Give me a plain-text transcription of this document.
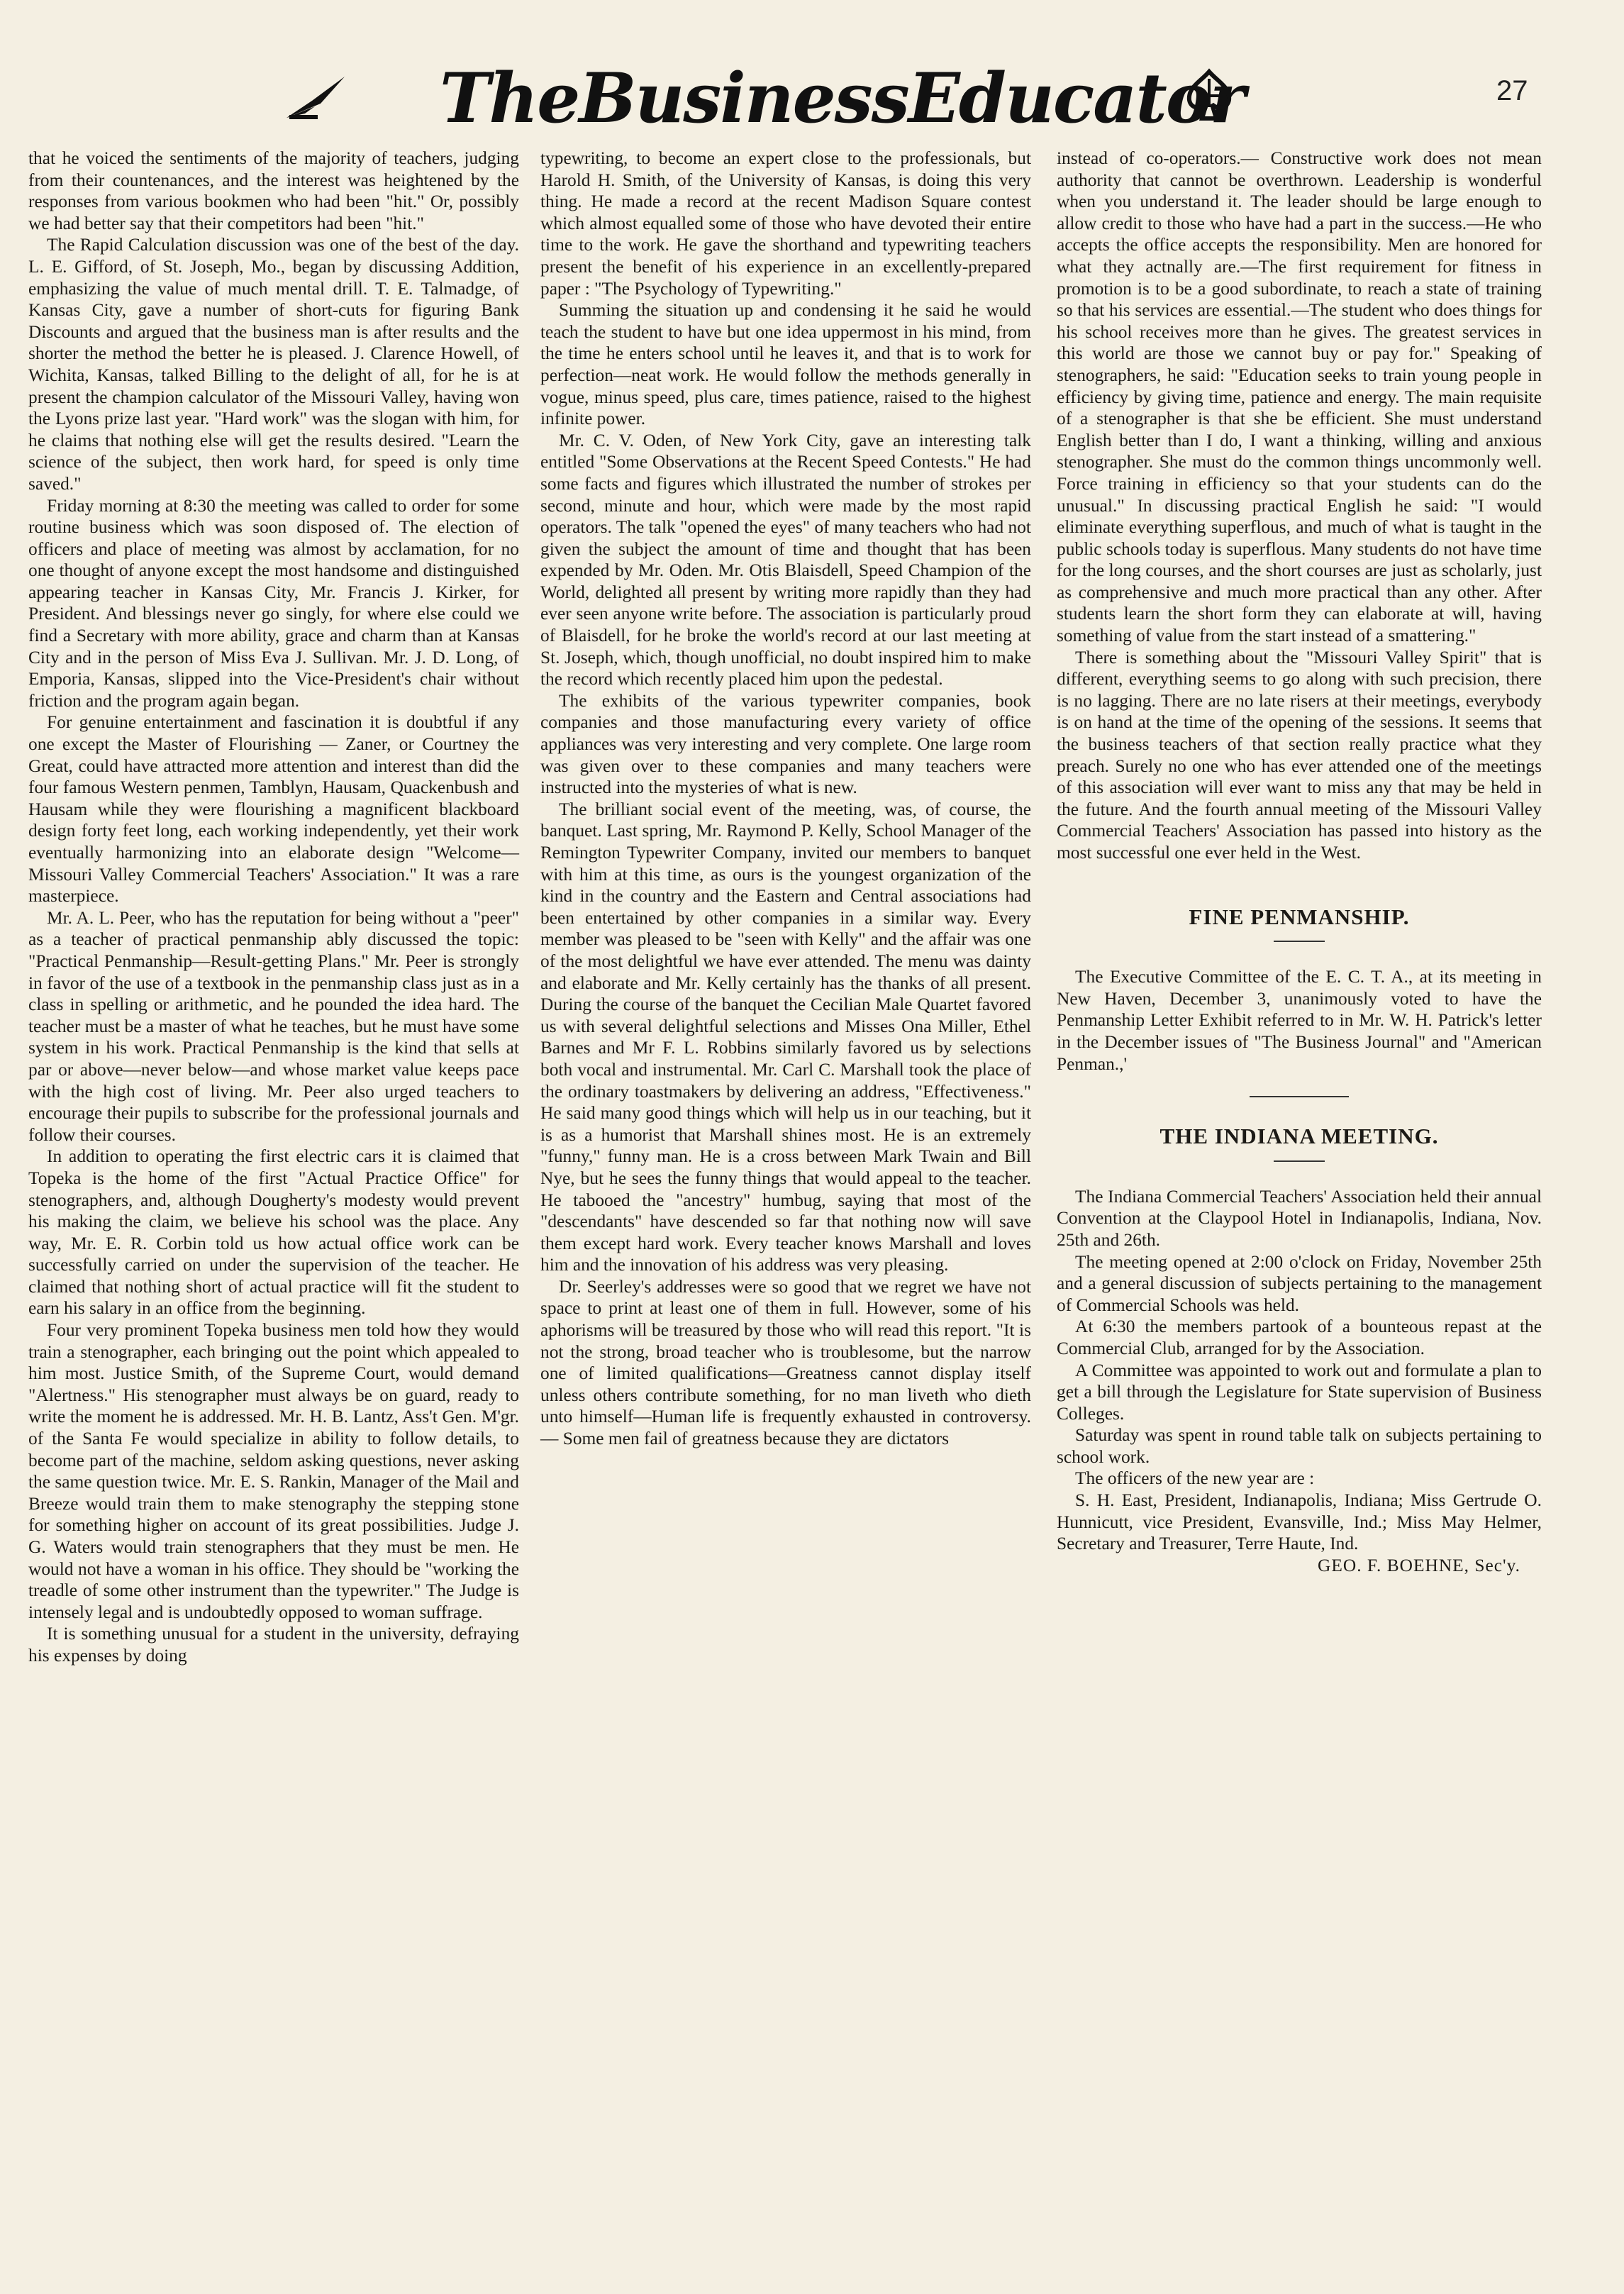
TheBusinessEducator	27

that he voiced the sentiments of the majority of teachers, judging from their countenances, and the interest was heightened by the responses from various bookmen who had been "hit." Or, possibly we had better say that their competitors had been "hit."

The Rapid Calculation discussion was one of the best of the day. L. E. Gifford, of St. Joseph, Mo., began by discussing Addition, emphasizing the value of much mental drill. T. E. Talmadge, of Kansas City, gave a number of short-cuts for figuring Bank Discounts and argued that the business man is after results and the shorter the method the better he is pleased. J. Clarence Howell, of Wichita, Kansas, talked Billing to the delight of all, for he is at present the champion calculator of the Missouri Valley, having won the Lyons prize last year. "Hard work" was the slogan with him, for he claims that nothing else will get the results desired. "Learn the science of the subject, then work hard, for speed is only time saved."

Friday morning at 8:30 the meeting was called to order for some routine business which was soon disposed of. The election of officers and place of meeting was almost by acclamation, for no one thought of anyone except the most handsome and distinguished appearing teacher in Kansas City, Mr. Francis J. Kirker, for President. And blessings never go singly, for where else could we find a Secretary with more ability, grace and charm than at Kansas City and in the person of Miss Eva J. Sullivan. Mr. J. D. Long, of Emporia, Kansas, slipped into the Vice-President's chair without friction and the program again began.

For genuine entertainment and fascination it is doubtful if any one except the Master of Flourishing — Zaner, or Courtney the Great, could have attracted more attention and interest than did the four famous Western penmen, Tamblyn, Hausam, Quackenbush and Hausam while they were flourishing a magnificent blackboard design forty feet long, each working independently, yet their work eventually harmonizing into an elaborate design "Welcome—Missouri Valley Commercial Teachers' Association." It was a rare masterpiece.

Mr. A. L. Peer, who has the reputation for being without a "peer" as a teacher of practical penmanship ably discussed the topic: "Practical Penmanship—Result-getting Plans." Mr. Peer is strongly in favor of the use of a textbook in the penmanship class just as in a class in spelling or arithmetic, and he pounded the idea hard. The teacher must be a master of what he teaches, but he must have some system in his work. Practical Penmanship is the kind that sells at par or above—never below—and whose market value keeps pace with the high cost of living. Mr. Peer also urged teachers to encourage their pupils to subscribe for the professional journals and follow their courses.

In addition to operating the first electric cars it is claimed that Topeka is the home of the first "Actual Practice Office" for stenographers, and, although Dougherty's modesty would prevent his making the claim, we believe his school was the place. Any way, Mr. E. R. Corbin told us how actual office work can be successfully carried on under the supervision of the teacher. He claimed that nothing short of actual practice will fit the student to earn his salary in an office from the beginning.

Four very prominent Topeka business men told how they would train a stenographer, each bringing out the point which appealed to him most. Justice Smith, of the Supreme Court, would demand "Alertness." His stenographer must always be on guard, ready to write the moment he is addressed. Mr. H. B. Lantz, Ass't Gen. M'gr. of the Santa Fe would specialize in ability to follow details, to become part of the machine, seldom asking questions, never asking the same question twice. Mr. E. S. Rankin, Manager of the Mail and Breeze would train them to make stenography the stepping stone for something higher on account of its great possibilities. Judge J. G. Waters would train stenographers that they must be men. He would not have a woman in his office. They should be "working the treadle of some other instrument than the typewriter." The Judge is intensely legal and is undoubtedly opposed to woman suffrage.

It is something unusual for a student in the university, defraying his expenses by doing

typewriting, to become an expert close to the professionals, but Harold H. Smith, of the University of Kansas, is doing this very thing. He made a record at the recent Madison Square contest which almost equalled some of those who have devoted their entire time to the work. He gave the shorthand and typewriting teachers present the benefit of his experience in an excellently-prepared paper : "The Psychology of Typewriting."

Summing the situation up and condensing it he said he would teach the student to have but one idea uppermost in his mind, from the time he enters school until he leaves it, and that is to work for perfection—neat work. He would follow the methods generally in vogue, minus speed, plus care, times patience, raised to the highest infinite power.

Mr. C. V. Oden, of New York City, gave an interesting talk entitled "Some Observations at the Recent Speed Contests." He had some facts and figures which illustrated the number of strokes per second, minute and hour, which were made by the most rapid operators. The talk "opened the eyes" of many teachers who had not given the subject the amount of time and thought that has been expended by Mr. Oden. Mr. Otis Blaisdell, Speed Champion of the World, delighted all present by writing more rapidly than they had ever seen anyone write before. The association is particularly proud of Blaisdell, for he broke the world's record at our last meeting at St. Joseph, which, though unofficial, no doubt inspired him to make the record which recently placed him upon the pedestal.

The exhibits of the various typewriter companies, book companies and those manufacturing every variety of office appliances was very interesting and very complete. One large room was given over to these companies and many teachers were instructed into the mysteries of what is new.

The brilliant social event of the meeting, was, of course, the banquet. Last spring, Mr. Raymond P. Kelly, School Manager of the Remington Typewriter Company, invited our members to banquet with him at this time, as ours is the youngest organization of the kind in the country and the Eastern and Central associations had been entertained by other companies in a similar way. Every member was pleased to be "seen with Kelly" and the affair was one of the most delightful we have ever attended. The menu was dainty and elaborate and Mr. Kelly certainly has the thanks of all present. During the course of the banquet the Cecilian Male Quartet favored us with several delightful selections and Misses Ona Miller, Ethel Barnes and Mr F. L. Robbins similarly favored us by selections both vocal and instrumental. Mr. Carl C. Marshall took the place of the ordinary toastmakers by delivering an address, "Effectiveness." He said many good things which will help us in our teaching, but it is as a humorist that Marshall shines most. He is an extremely "funny," funny man. He is a cross between Mark Twain and Bill Nye, but he sees the funny things that would appeal to the teacher. He tabooed the "ancestry" humbug, saying that most of the "descendants" have descended so far that nothing now will save them except hard work. Every teacher knows Marshall and loves him and the innovation of his address was very pleasing.

Dr. Seerley's addresses were so good that we regret we have not space to print at least one of them in full. However, some of his aphorisms will be treasured by those who will read this report. "It is not the strong, broad teacher who is troublesome, but the narrow one of limited qualifications—Greatness cannot display itself unless others contribute something, for no man liveth who dieth unto himself—Human life is frequently exhausted in controversy.— Some men fail of greatness because they are dictators

instead of co-operators.— Constructive work does not mean authority that cannot be overthrown. Leadership is wonderful when you understand it. The leader should be large enough to allow credit to those who have had a part in the success.—He who accepts the office accepts the responsibility. Men are honored for what they actnally are.—The first requirement for fitness in promotion is to be a good subordinate, to reach a state of training so that his services are essential.—The student who does things for his school receives more than he gives. The greatest services in this world are those we cannot buy or pay for." Speaking of stenographers, he said: "Education seeks to train young people in efficiency by giving time, patience and energy. The main requisite of a stenographer is that she be efficient. She must understand English better than I do, I want a thinking, willing and anxious stenographer. She must do the common things uncommonly well. Force training in efficiency so that your students can do the unusual." In discussing practical English he said: "I would eliminate everything superflous, and much of what is taught in the public schools today is superflous. Many students do not have time for the long courses, and the short courses are just as scholarly, just as comprehensive and much more practical than any other. After students learn the short form they can elaborate at will, having something of value from the start instead of a smattering."

There is something about the "Missouri Valley Spirit" that is different, everything seems to go along with such precision, there is no lagging. There are no late risers at their meetings, everybody is on hand at the time of the opening of the sessions. It seems that the business teachers of that section really practice what they preach. Surely no one who has ever attended one of the meetings of this association will ever want to miss any that may be held in the future. And the fourth annual meeting of the Missouri Valley Commercial Teachers' Association has passed into history as the most successful one ever held in the West.

FINE PENMANSHIP.

The Executive Committee of the E. C. T. A., at its meeting in New Haven, December 3, unanimously voted to have the Penmanship Letter Exhibit referred to in Mr. W. H. Patrick's letter in the December issues of "The Business Journal" and "American Penman.,'

THE INDIANA MEETING.

The Indiana Commercial Teachers' Association held their annual Convention at the Claypool Hotel in Indianapolis, Indiana, Nov. 25th and 26th.

The meeting opened at 2:00 o'clock on Friday, November 25th and a general discussion of subjects pertaining to the management of Commercial Schools was held.

At 6:30 the members partook of a bounteous repast at the Commercial Club, arranged for by the Association.

A Committee was appointed to work out and formulate a plan to get a bill through the Legislature for State supervision of Business Colleges.

Saturday was spent in round table talk on subjects pertaining to school work.

The officers of the new year are :

S. H. East, President, Indianapolis, Indiana; Miss Gertrude O. Hunnicutt, vice President, Evansville, Ind.; Miss May Helmer, Secretary and Treasurer, Terre Haute, Ind.

GEO. F. BOEHNE, Sec'y.
